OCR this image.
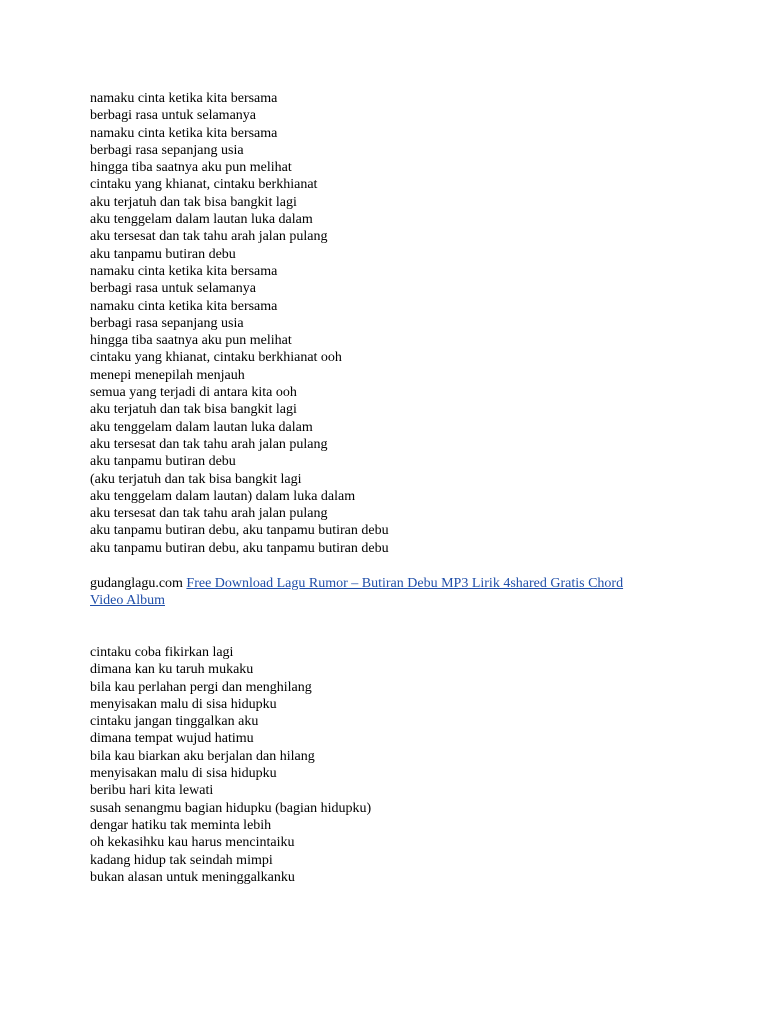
namaku cinta ketika kita bersama
berbagi rasa untuk selamanya
namaku cinta ketika kita bersama
berbagi rasa sepanjang usia
hingga tiba saatnya aku pun melihat
cintaku yang khianat, cintaku berkhianat
aku terjatuh dan tak bisa bangkit lagi
aku tenggelam dalam lautan luka dalam
aku tersesat dan tak tahu arah jalan pulang
aku tanpamu butiran debu
namaku cinta ketika kita bersama
berbagi rasa untuk selamanya
namaku cinta ketika kita bersama
berbagi rasa sepanjang usia
hingga tiba saatnya aku pun melihat
cintaku yang khianat, cintaku berkhianat ooh
menepi menepilah menjauh
semua yang terjadi di antara kita ooh
aku terjatuh dan tak bisa bangkit lagi
aku tenggelam dalam lautan luka dalam
aku tersesat dan tak tahu arah jalan pulang
aku tanpamu butiran debu
(aku terjatuh dan tak bisa bangkit lagi
aku tenggelam dalam lautan) dalam luka dalam
aku tersesat dan tak tahu arah jalan pulang
aku tanpamu butiran debu, aku tanpamu butiran debu
aku tanpamu butiran debu, aku tanpamu butiran debu
gudanglagu.com Free Download Lagu Rumor – Butiran Debu MP3 Lirik 4shared Gratis Chord
Video Album
cintaku coba fikirkan lagi
dimana kan ku taruh mukaku
bila kau perlahan pergi dan menghilang
menyisakan malu di sisa hidupku
cintaku jangan tinggalkan aku
dimana tempat wujud hatimu
bila kau biarkan aku berjalan dan hilang
menyisakan malu di sisa hidupku
beribu hari kita lewati
susah senangmu bagian hidupku (bagian hidupku)
dengar hatiku tak meminta lebih
oh kekasihku kau harus mencintaiku
kadang hidup tak seindah mimpi
bukan alasan untuk meninggalkanku
